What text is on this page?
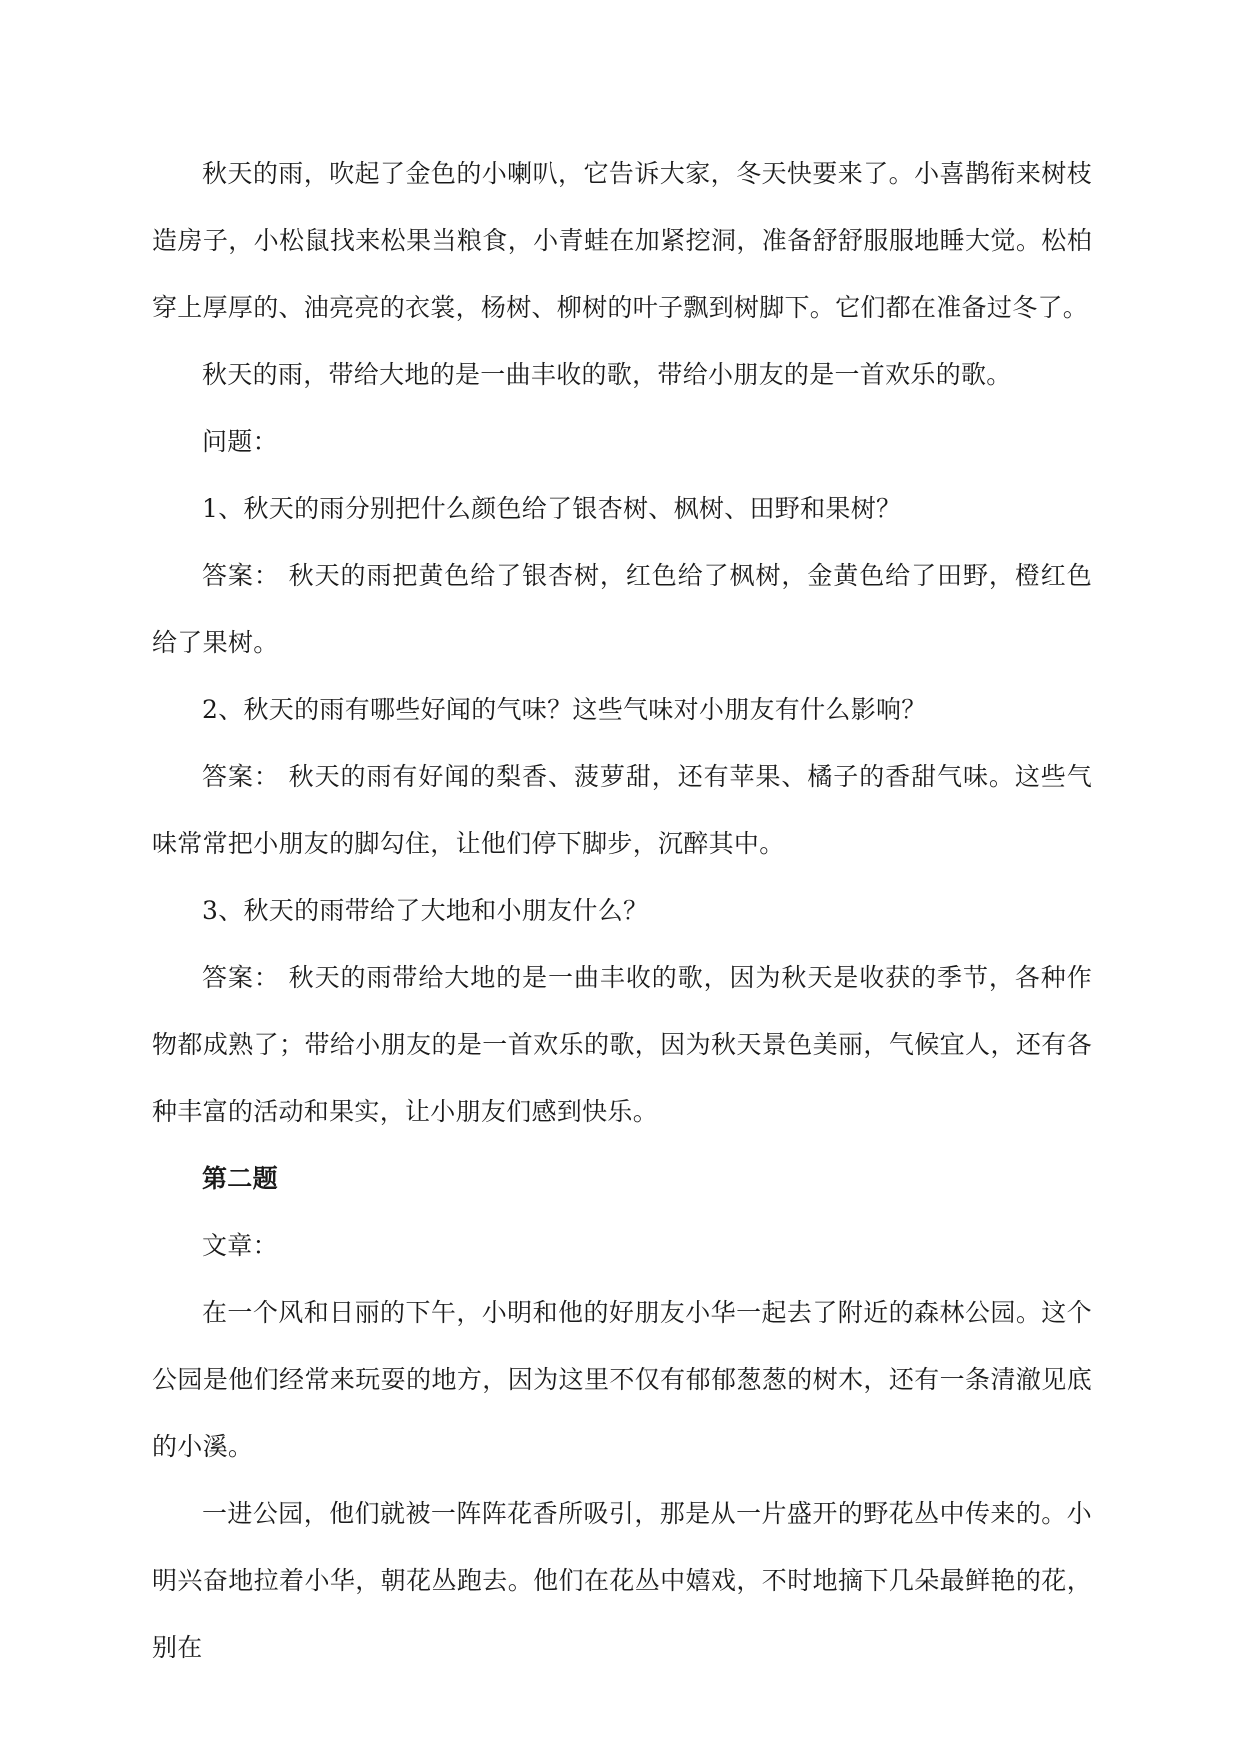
秋天的雨，吹起了金色的小喇叭，它告诉大家，冬天快要来了。小喜鹊衔来树枝造房子，小松鼠找来松果当粮食，小青蛙在加紧挖洞，准备舒舒服服地睡大觉。松柏穿上厚厚的、油亮亮的衣裳，杨树、柳树的叶子飘到树脚下。它们都在准备过冬了。

秋天的雨，带给大地的是一曲丰收的歌，带给小朋友的是一首欢乐的歌。

问题：

1、秋天的雨分别把什么颜色给了银杏树、枫树、田野和果树？

答案： 秋天的雨把黄色给了银杏树，红色给了枫树，金黄色给了田野，橙红色给了果树。

2、秋天的雨有哪些好闻的气味？这些气味对小朋友有什么影响？

答案： 秋天的雨有好闻的梨香、菠萝甜，还有苹果、橘子的香甜气味。这些气味常常把小朋友的脚勾住，让他们停下脚步，沉醉其中。

3、秋天的雨带给了大地和小朋友什么？

答案： 秋天的雨带给大地的是一曲丰收的歌，因为秋天是收获的季节，各种作物都成熟了；带给小朋友的是一首欢乐的歌，因为秋天景色美丽，气候宜人，还有各种丰富的活动和果实，让小朋友们感到快乐。

第二题

文章：

在一个风和日丽的下午，小明和他的好朋友小华一起去了附近的森林公园。这个公园是他们经常来玩耍的地方，因为这里不仅有郁郁葱葱的树木，还有一条清澈见底的小溪。

一进公园，他们就被一阵阵花香所吸引，那是从一片盛开的野花丛中传来的。小明兴奋地拉着小华，朝花丛跑去。他们在花丛中嬉戏，不时地摘下几朵最鲜艳的花，别在
